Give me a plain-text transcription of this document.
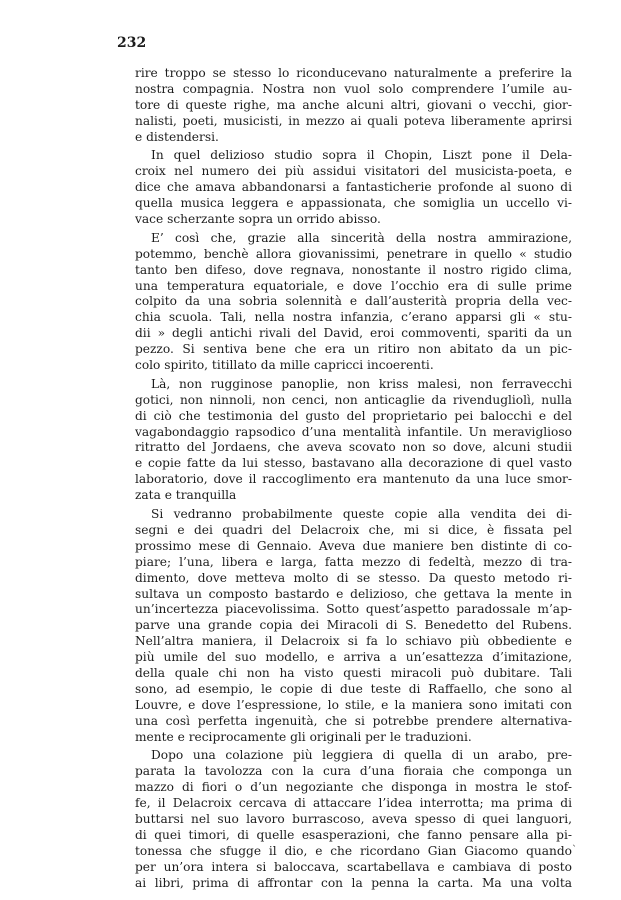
232
rire troppo se stesso lo riconducevano naturalmente a preferire la
nostra compagnia. Nostra non vuol solo comprendere l’umile au-
tore di queste righe, ma anche alcuni altri, giovani o vecchi, gior-
nalisti, poeti, musicisti, in mezzo ai quali poteva liberamente aprirsi
e distendersi.
In quel delizioso studio sopra il Chopin, Liszt pone il Dela-
croix nel numero dei più assidui visitatori del musicista-poeta, e
dice che amava abbandonarsi a fantasticherie profonde al suono di
quella musica leggera e appassionata, che somiglia un uccello vi-
vace scherzante sopra un orrido abisso.
E’ così che, grazie alla sincerità della nostra ammirazione,
potemmo, benchè allora giovanissimi, penetrare in quello « studio
tanto ben difeso, dove regnava, nonostante il nostro rigido clima,
una temperatura equatoriale, e dove l’occhio era di sulle prime
colpito da una sobria solennità e dall’austerità propria della vec-
chia scuola. Tali, nella nostra infanzia, c’erano apparsi gli « stu-
dii » degli antichi rivali del David, eroi commoventi, spariti da un
pezzo. Si sentiva bene che era un ritiro non abitato da un pic-
colo spirito, titillato da mille capricci incoerenti.
Là, non rugginose panoplie, non kriss malesi, non ferravecchi
gotici, non ninnoli, non cenci, non anticaglie da rivendugliolì, nulla
di ciò che testimonia del gusto del proprietario pei balocchi e del
vagabondaggio rapsodico d’una mentalità infantile. Un meraviglioso
ritratto del Jordaens, che aveva scovato non so dove, alcuni studii
e copie fatte da lui stesso, bastavano alla decorazione di quel vasto
laboratorio, dove il raccoglimento era mantenuto da una luce smor-
zata e tranquilla
Si vedranno probabilmente queste copie alla vendita dei di-
segni e dei quadri del Delacroix che, mi si dice, è fissata pel
prossimo mese di Gennaio. Aveva due maniere ben distinte di co-
piare; l’una, libera e larga, fatta mezzo di fedeltà, mezzo di tra-
dimento, dove metteva molto di se stesso. Da questo metodo ri-
sultava un composto bastardo e delizioso, che gettava la mente in
un’incertezza piacevolissima. Sotto quest’aspetto paradossale m’ap-
parve una grande copia dei Miracoli di S. Benedetto del Rubens.
Nell’altra maniera, il Delacroix si fa lo schiavo più obbediente e
più umile del suo modello, e arriva a un’esattezza d’imitazione,
della quale chi non ha visto questi miracoli può dubitare. Tali
sono, ad esempio, le copie di due teste di Raffaello, che sono al
Louvre, e dove l’espressione, lo stile, e la maniera sono imitati con
una così perfetta ingenuità, che si potrebbe prendere alternativa-
mente e reciprocamente gli originali per le traduzioni.
Dopo una colazione più leggiera di quella di un arabo, pre-
parata la tavolozza con la cura d’una fioraia che componga un
mazzo di fiori o d’un negoziante che disponga in mostra le stof-
fe, il Delacroix cercava di attaccare l’idea interrotta; ma prima di
buttarsi nel suo lavoro burrascoso, aveva spesso di quei languori,
di quei timori, di quelle esasperazioni, che fanno pensare alla pi-
tonessa che sfugge il dio, e che ricordano Gian Giacomo quando
per un’ora intera si baloccava, scartabellava e cambiava di posto
ai libri, prima di affrontar con la penna la carta. Ma una volta
ˎ
